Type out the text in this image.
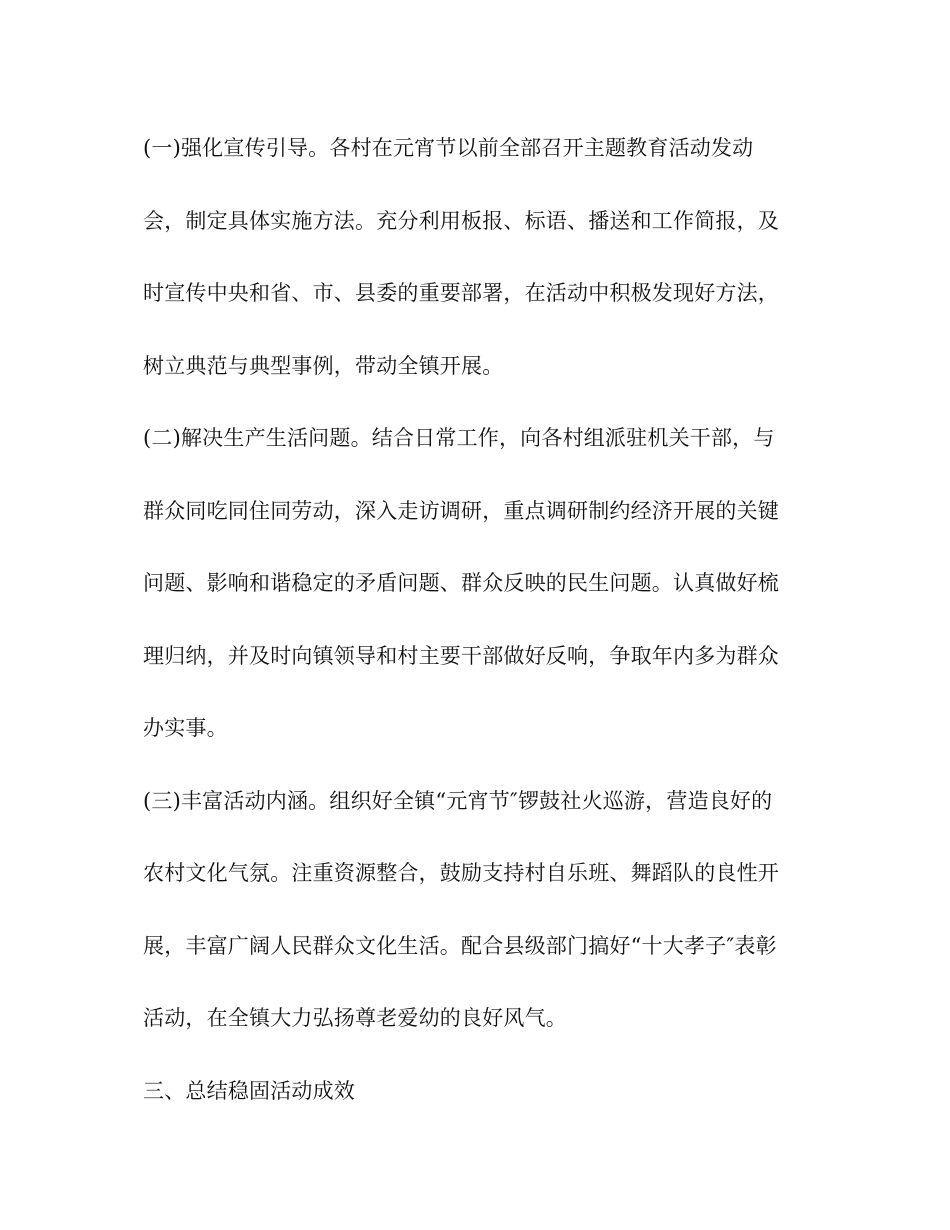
(一)强化宣传引导。各村在元宵节以前全部召开主题教育活动发动
会，制定具体实施方法。充分利用板报、标语、播送和工作简报，及
时宣传中央和省、市、县委的重要部署，在活动中积极发现好方法，
树立典范与典型事例，带动全镇开展。
(二)解决生产生活问题。结合日常工作，向各村组派驻机关干部，与
群众同吃同住同劳动，深入走访调研，重点调研制约经济开展的关键
问题、影响和谐稳定的矛盾问题、群众反映的民生问题。认真做好梳
理归纳，并及时向镇领导和村主要干部做好反响，争取年内多为群众
办实事。
(三)丰富活动内涵。组织好全镇“元宵节″锣鼓社火巡游，营造良好的
农村文化气氛。注重资源整合，鼓励支持村自乐班、舞蹈队的良性开
展，丰富广阔人民群众文化生活。配合县级部门搞好“十大孝子″表彰
活动，在全镇大力弘扬尊老爱幼的良好风气。
三、总结稳固活动成效
